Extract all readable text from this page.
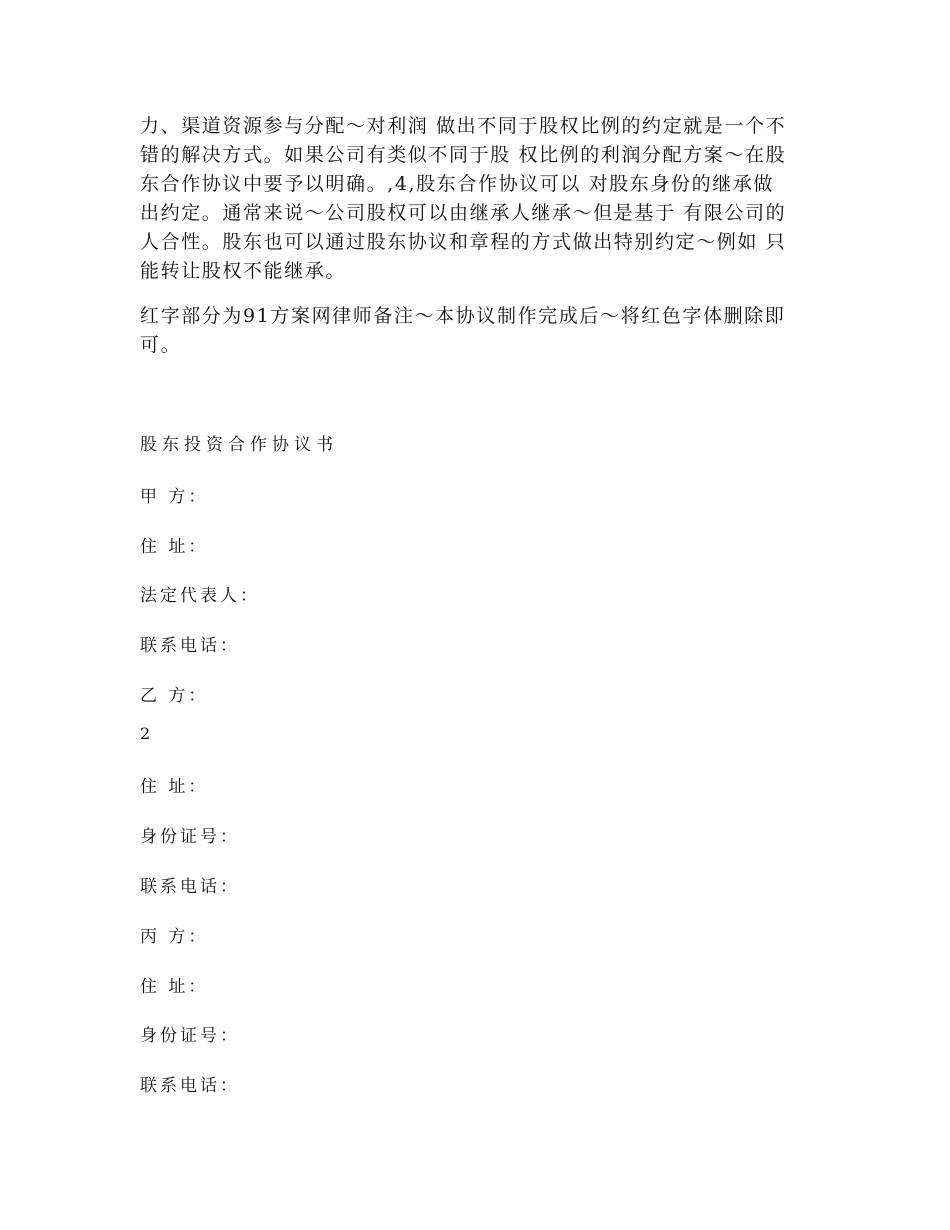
力、渠道资源参与分配～对利润 做出不同于股权比例的约定就是一个不
错的解决方式。如果公司有类似不同于股 权比例的利润分配方案～在股
东合作协议中要予以明确。,4,股东合作协议可以 对股东身份的继承做
出约定。通常来说～公司股权可以由继承人继承～但是基于 有限公司的
人合性。股东也可以通过股东协议和章程的方式做出特别约定～例如 只
能转让股权不能继承。

红字部分为91方案网律师备注～本协议制作完成后～将红色字体删除即
可。

股东投资合作协议书

甲 方：

住 址：

法定代表人：

联系电话：

乙 方：

2

住 址：

身份证号：

联系电话：

丙 方：

住 址：

身份证号：

联系电话：
